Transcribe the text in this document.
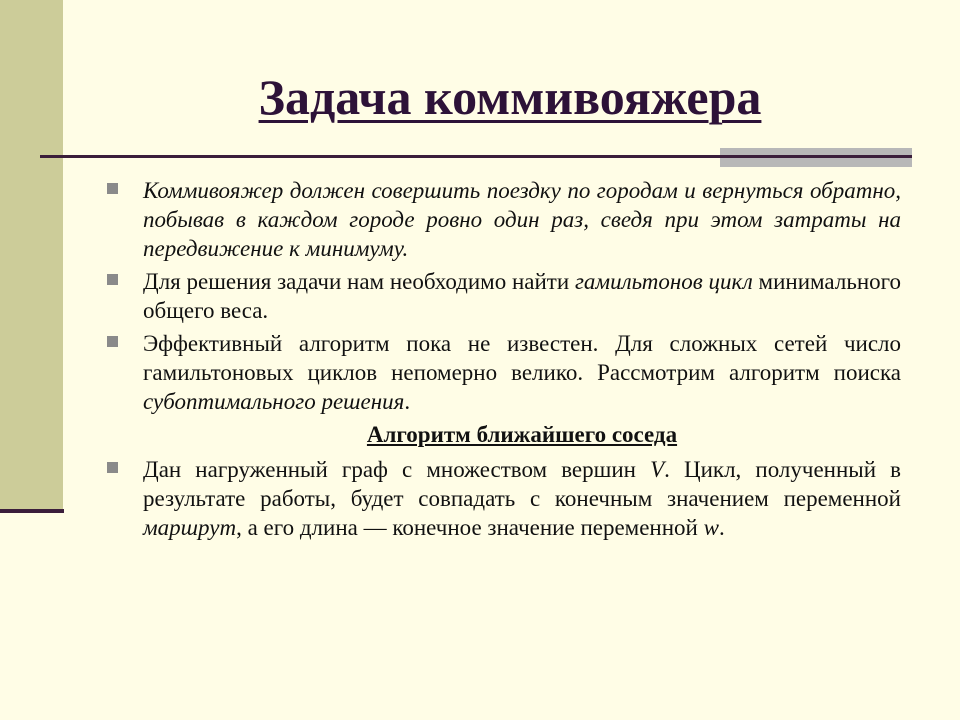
Задача коммивояжера
Коммивояжер должен совершить поездку по городам и вернуться обратно, побывав в каждом городе ровно один раз, сведя при этом затраты на передвижение к минимуму.
Для решения задачи нам необходимо найти гамильтонов цикл минимального общего веса.
Эффективный алгоритм пока не известен. Для сложных сетей число гамильтоновых циклов непомерно велико. Рассмотрим алгоритм поиска субоптимального решения.
Алгоритм ближайшего соседа
Дан нагруженный граф с множеством вершин V. Цикл, полученный в результате работы, будет совпадать с конечным значением переменной маршрут, а его длина — конечное значение переменной w.
